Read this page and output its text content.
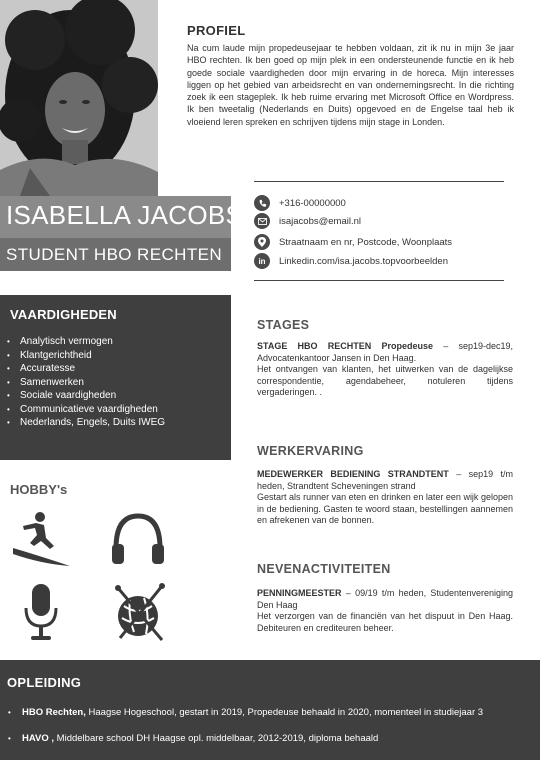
ISABELLA JACOBS
STUDENT HBO RECHTEN
VAARDIGHEDEN
• Analytisch vermogen
• Klantgerichtheid
• Accuratesse
• Samenwerken
• Sociale vaardigheden
• Communicatieve vaardigheden
• Nederlands, Engels, Duits IWEG
HOBBY's
PROFIEL
Na cum laude mijn propedeusejaar te hebben voldaan, zit ik nu in mijn 3e jaar HBO rechten. Ik ben goed op mijn plek in een ondersteunende functie en ik heb goede sociale vaardigheden door mijn ervaring in de horeca. Mijn interesses liggen op het gebied van arbeidsrecht en van ondernemingsrecht. In die richting zoek ik een stageplek. Ik heb ruime ervaring met Microsoft Office en Wordpress. Ik ben tweetalig (Nederlands en Duits) opgevoed en de Engelse taal heb ik vloeiend leren spreken en schrijven tijdens mijn stage in Londen.
+316-00000000
isajacobs@email.nl
Straatnaam en nr, Postcode, Woonplaats
in	Linkedin.com/isa.jacobs.topvoorbeelden
STAGES
STAGE HBO RECHTEN Propedeuse – sep19-dec19, Advocatenkantoor Jansen in Den Haag.
Het ontvangen van klanten, het uitwerken van de dagelijkse correspondentie, agendabeheer, notuleren tijdens vergaderingen. .
WERKERVARING
MEDEWERKER BEDIENING STRANDTENT – sep19 t/m heden, Strandtent Scheveningen strand
Gestart als runner van eten en drinken en later een wijk gelopen in de bediening. Gasten te woord staan, bestellingen aannemen en afrekenen van de bonnen.
NEVENACTIVITEITEN
PENNINGMEESTER – 09/19 t/m heden, Studentenvereniging Den Haag
Het verzorgen van de financiën van het dispuut in Den Haag. Debiteuren en crediteuren beheer.
OPLEIDING
• HBO Rechten, Haagse Hogeschool, gestart in 2019, Propedeuse behaald in 2020, momenteel in studiejaar 3
• HAVO , Middelbare school DH Haagse opl. middelbaar, 2012-2019, diploma behaald
